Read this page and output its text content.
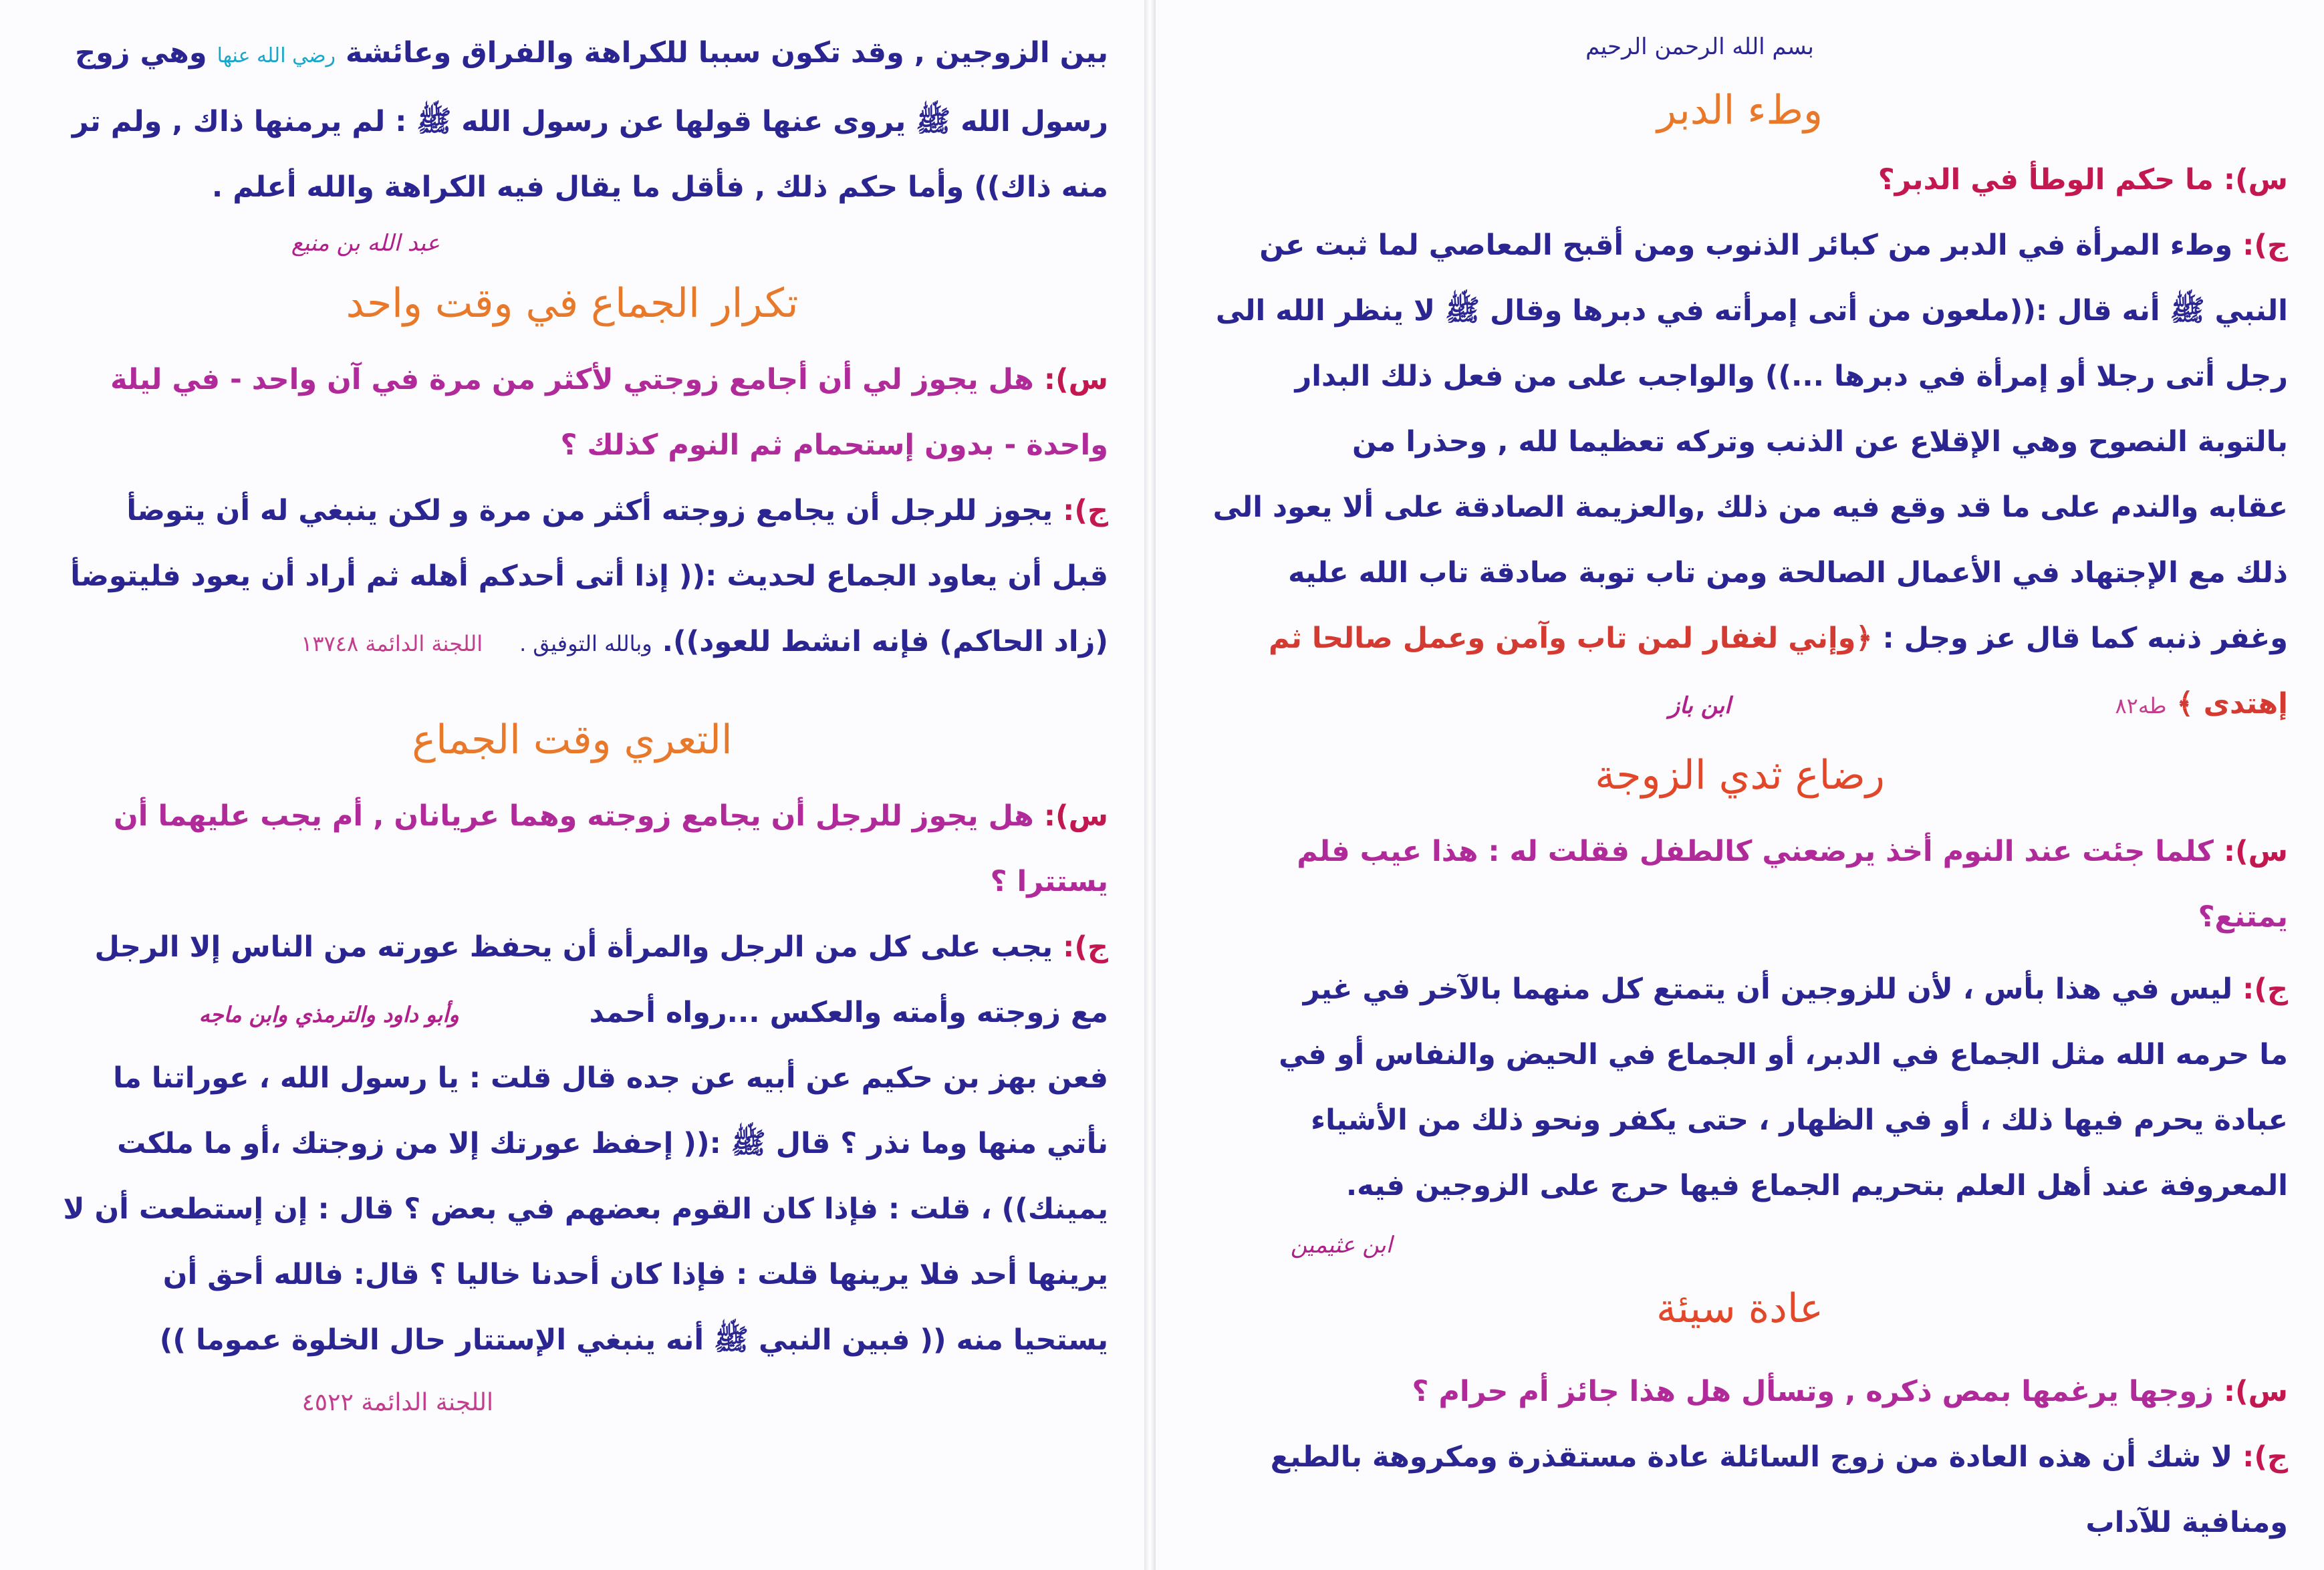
بسم الله الرحمن الرحيم
وطء الدبر

س): ما حكم الوطأ في الدبر؟

ج): وطء المرأة في الدبر من كبائر الذنوب ومن أقبح المعاصي لما ثبت عن
النبي ﷺ أنه قال :((ملعون من أتى إمرأته في دبرها وقال ﷺ لا ينظر الله الى
رجل أتى رجلا أو إمرأة في دبرها ...)) والواجب على من فعل ذلك البدار
بالتوبة النصوح وهي الإقلاع عن الذنب وتركه تعظيما لله , وحذرا من
عقابه والندم على ما قد وقع فيه من ذلك ,والعزيمة الصادقة على ألا يعود الى
ذلك مع الإجتهاد في الأعمال الصالحة ومن تاب توبة صادقة تاب الله عليه
وغفر ذنبه كما قال عز وجل : ﴿وإني لغفار لمن تاب وآمن وعمل صالحا ثم
إهتدى ﴾ طه٨٢ ابن باز

رضاع ثدي الزوجة

س): كلما جئت عند النوم أخذ يرضعني كالطفل فقلت له : هذا عيب فلم
يمتنع؟

ج): ليس في هذا بأس ، لأن للزوجين أن يتمتع كل منهما بالآخر في غير
ما حرمه الله مثل الجماع في الدبر، أو الجماع في الحيض والنفاس أو في
عبادة يحرم فيها ذلك ، أو في الظهار ، حتى يكفر ونحو ذلك من الأشياء
المعروفة عند أهل العلم بتحريم الجماع فيها حرج على الزوجين فيه.

ابن عثيمين
عادة سيئة

س): زوجها يرغمها بمص ذكره , وتسأل هل هذا جائز أم حرام ؟

ج): لا شك أن هذه العادة من زوج السائلة عادة مستقذرة ومكروهة بالطبع
ومنافية للآداب

بين الزوجين , وقد تكون سببا للكراهة والفراق وعائشة رضي الله عنها وهي زوج
رسول الله ﷺ يروى عنها قولها عن رسول الله ﷺ : لم يرمنها ذاك , ولم تر
منه ذاك)) وأما حكم ذلك , فأقل ما يقال فيه الكراهة والله أعلم .

عبد الله بن منيع
تكرار الجماع في وقت واحد

س): هل يجوز لي أن أجامع زوجتي لأكثر من مرة في آن واحد - في ليلة
واحدة - بدون إستحمام ثم النوم كذلك ؟

ج): يجوز للرجل أن يجامع زوجته أكثر من مرة و لكن ينبغي له أن يتوضأ
قبل أن يعاود الجماع لحديث :(( إذا أتى أحدكم أهله ثم أراد أن يعود فليتوضأ
(زاد الحاكم) فإنه انشط للعود)). وبالله التوفيق . اللجنة الدائمة ١٣٧٤٨

التعري وقت الجماع

س): هل يجوز للرجل أن يجامع زوجته وهما عريانان , أم يجب عليهما أن
يستترا ؟

ج): يجب على كل من الرجل والمرأة أن يحفظ عورته من الناس إلا الرجل
مع زوجته وأمته والعكس ...رواه أحمد وأبو داود والترمذي وابن ماجه
فعن بهز بن حكيم عن أبيه عن جده قال قلت : يا رسول الله ، عوراتنا ما
نأتي منها وما نذر ؟ قال ﷺ :(( إحفظ عورتك إلا من زوجتك ،أو ما ملكت
يمينك)) ، قلت : فإذا كان القوم بعضهم في بعض ؟ قال : إن إستطعت أن لا
يرينها أحد فلا يرينها قلت : فإذا كان أحدنا خاليا ؟ قال: فالله أحق أن
يستحيا منه (( فبين النبي ﷺ أنه ينبغي الإستتار حال الخلوة عموما ))

اللجنة الدائمة ٤٥٢٢
